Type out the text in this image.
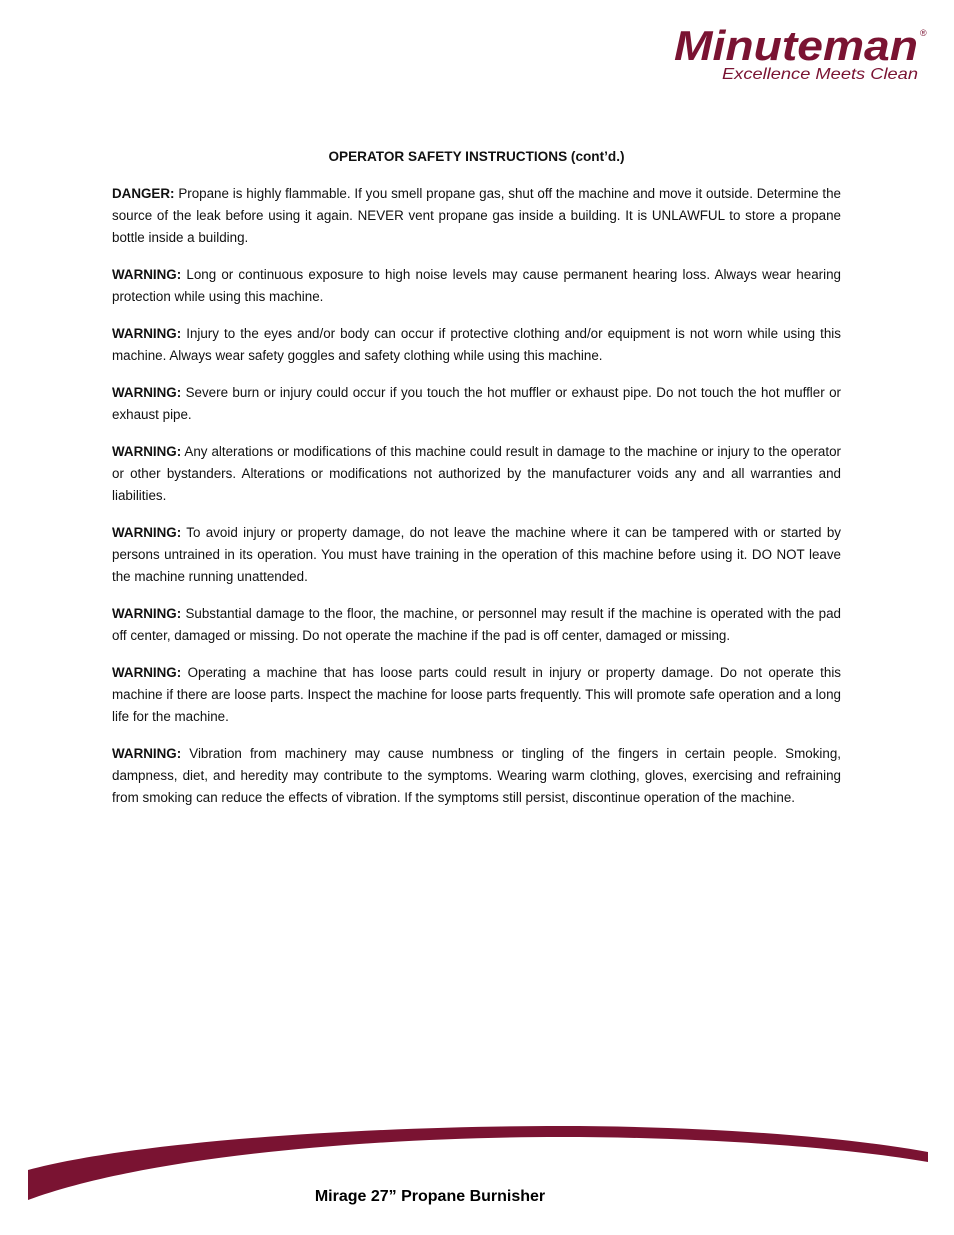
Minuteman ®
Excellence Meets Clean
OPERATOR SAFETY INSTRUCTIONS (cont’d.)
DANGER: Propane is highly flammable. If you smell propane gas, shut off the machine and move it outside. Determine the source of the leak before using it again. NEVER vent propane gas inside a building. It is UNLAWFUL to store a propane bottle inside a building.
WARNING: Long or continuous exposure to high noise levels may cause permanent hearing loss. Always wear hearing protection while using this machine.
WARNING: Injury to the eyes and/or body can occur if protective clothing and/or equipment is not worn while using this machine. Always wear safety goggles and safety clothing while using this machine.
WARNING: Severe burn or injury could occur if you touch the hot muffler or exhaust pipe. Do not touch the hot muffler or exhaust pipe.
WARNING: Any alterations or modifications of this machine could result in damage to the machine or injury to the operator or other bystanders. Alterations or modifications not authorized by the manufacturer voids any and all warranties and liabilities.
WARNING: To avoid injury or property damage, do not leave the machine where it can be tampered with or started by persons untrained in its operation. You must have training in the operation of this machine before using it. DO NOT leave the machine running unattended.
WARNING: Substantial damage to the floor, the machine, or personnel may result if the machine is operated with the pad off center, damaged or missing. Do not operate the machine if the pad is off center, damaged or missing.
WARNING: Operating a machine that has loose parts could result in injury or property damage. Do not operate this machine if there are loose parts. Inspect the machine for loose parts frequently. This will promote safe operation and a long life for the machine.
WARNING: Vibration from machinery may cause numbness or tingling of the fingers in certain people. Smoking, dampness, diet, and heredity may contribute to the symptoms. Wearing warm clothing, gloves, exercising and refraining from smoking can reduce the effects of vibration. If the symptoms still persist, discontinue operation of the machine.
Mirage 27” Propane Burnisher
